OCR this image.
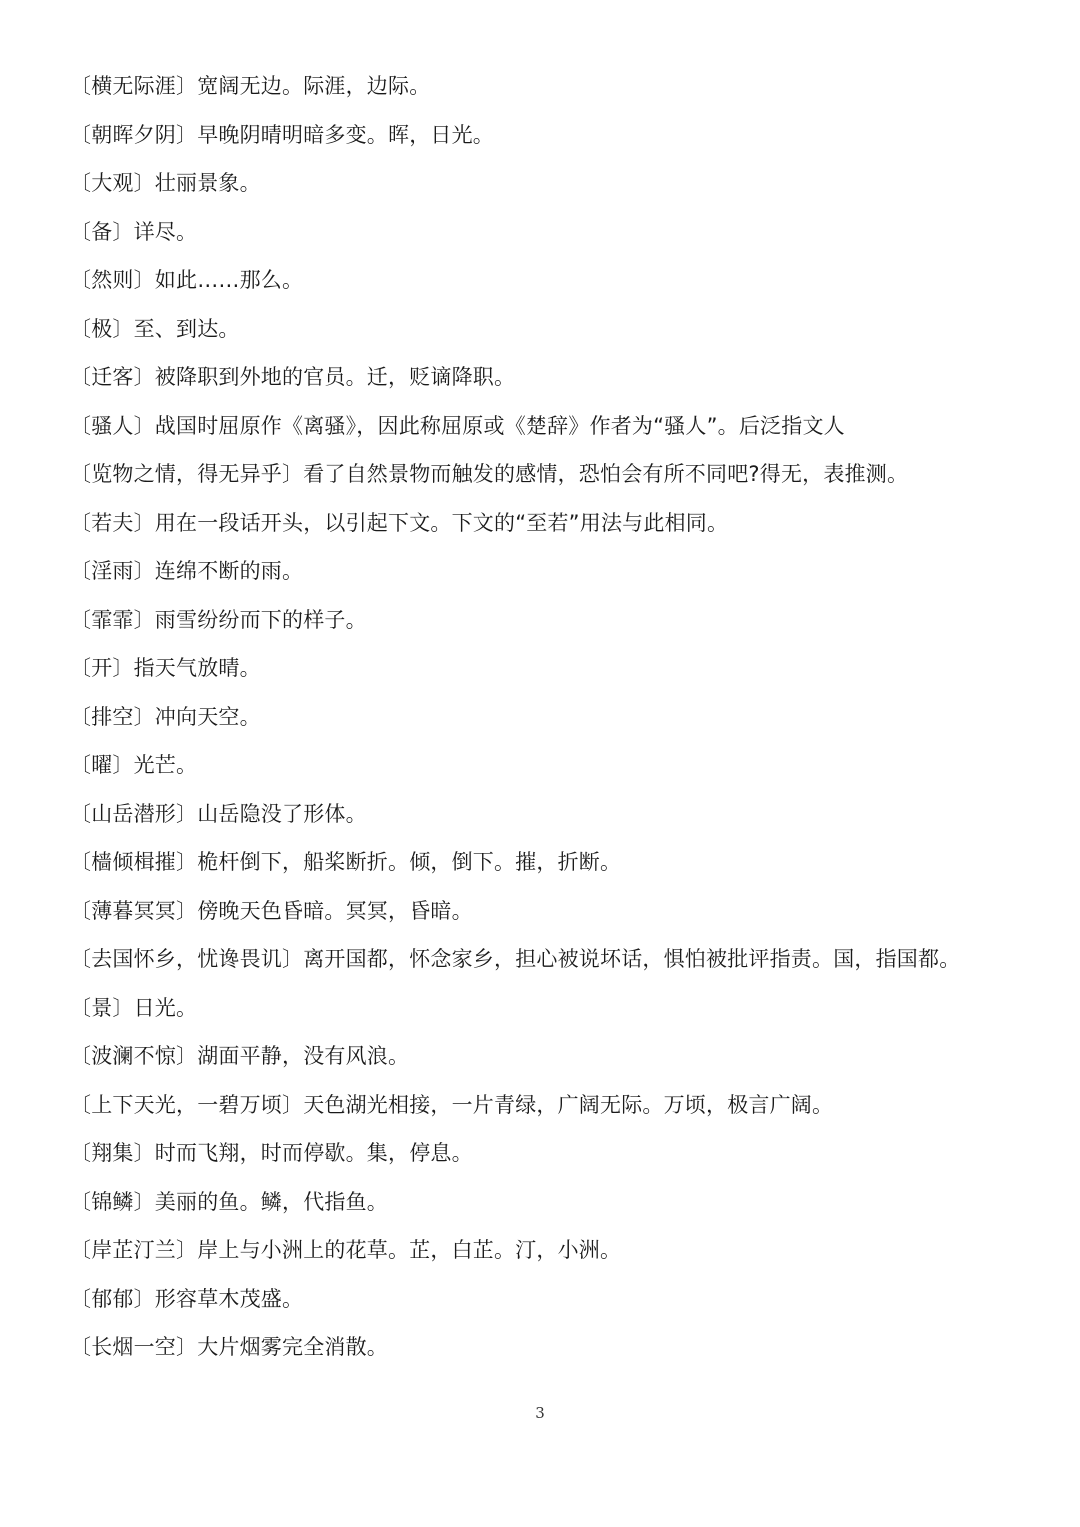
〔横无际涯〕宽阔无边。际涯，边际。
〔朝晖夕阴〕早晚阴晴明暗多变。晖，日光。
〔大观〕壮丽景象。
〔备〕详尽。
〔然则〕如此……那么。
〔极〕至、到达。
〔迁客〕被降职到外地的官员。迁，贬谪降职。
〔骚人〕战国时屈原作《离骚》，因此称屈原或《楚辞》作者为“骚人”。后泛指文人
〔览物之情，得无异乎〕看了自然景物而触发的感情，恐怕会有所不同吧?得无，表推测。
〔若夫〕用在一段话开头，以引起下文。下文的“至若”用法与此相同。
〔淫雨〕连绵不断的雨。
〔霏霏〕雨雪纷纷而下的样子。
〔开〕指天气放晴。
〔排空〕冲向天空。
〔曜〕光芒。
〔山岳潜形〕山岳隐没了形体。
〔樯倾楫摧〕桅杆倒下，船桨断折。倾，倒下。摧，折断。
〔薄暮冥冥〕傍晚天色昏暗。冥冥，昏暗。
〔去国怀乡，忧谗畏讥〕离开国都，怀念家乡，担心被说坏话，惧怕被批评指责。国，指国都。
〔景〕日光。
〔波澜不惊〕湖面平静，没有风浪。
〔上下天光，一碧万顷〕天色湖光相接，一片青绿，广阔无际。万顷，极言广阔。
〔翔集〕时而飞翔，时而停歇。集，停息。
〔锦鳞〕美丽的鱼。鳞，代指鱼。
〔岸芷汀兰〕岸上与小洲上的花草。芷，白芷。汀，小洲。
〔郁郁〕形容草木茂盛。
〔长烟一空〕大片烟雾完全消散。
3
